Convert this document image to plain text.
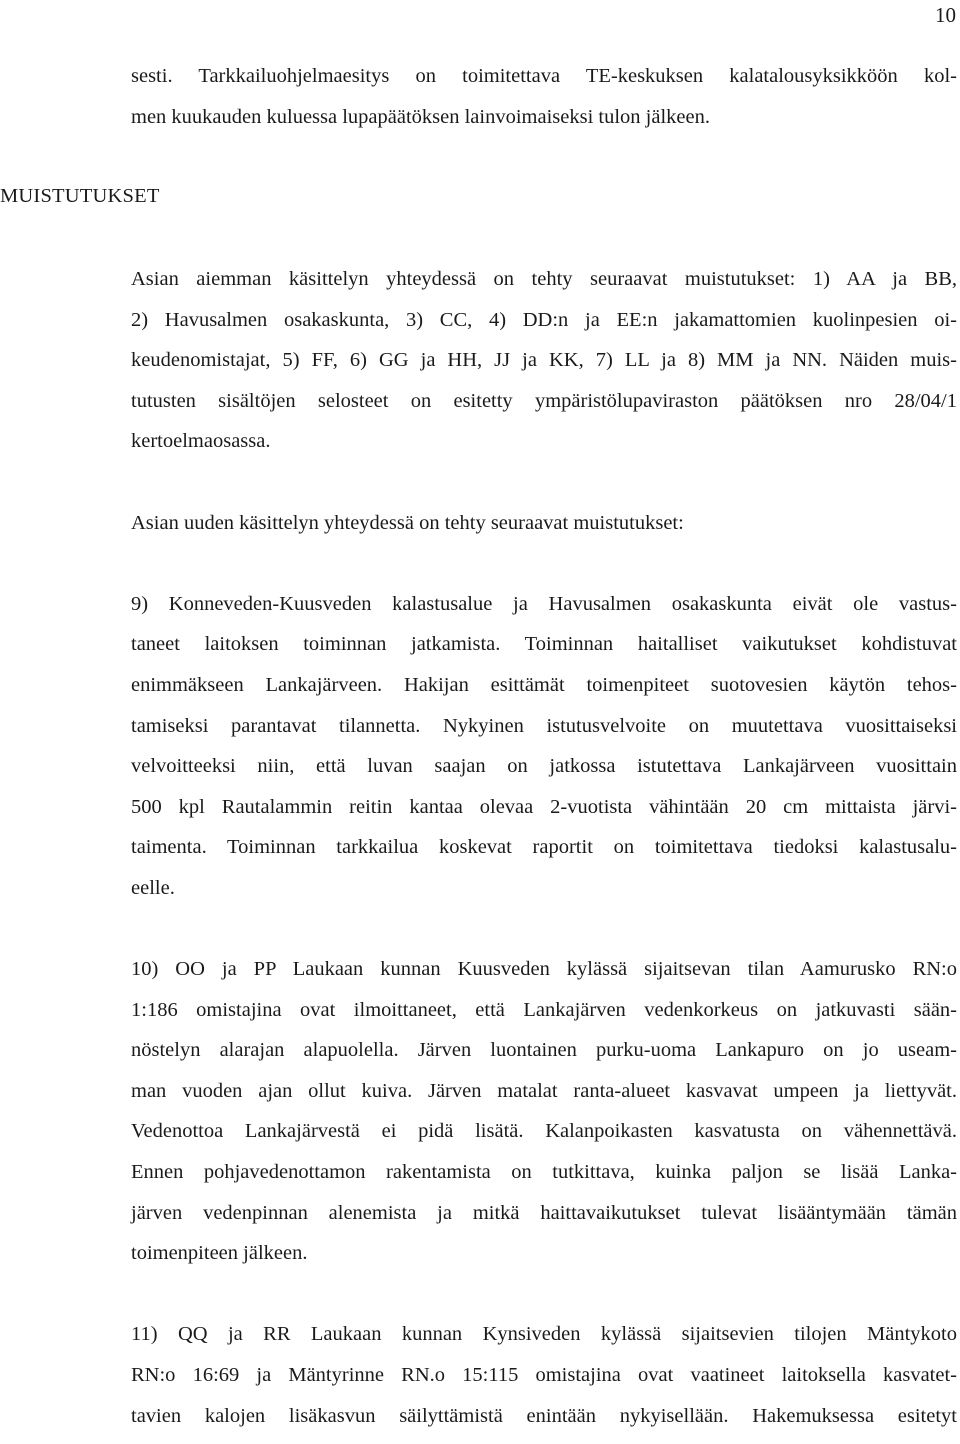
10
MUISTUTUKSET
sesti. Tarkkailuohjelmaesitys on toimitettava TE-keskuksen kalatalousyksikköön kol-
men kuukauden kuluessa lupapäätöksen lainvoimaiseksi tulon jälkeen.
Asian aiemman käsittelyn yhteydessä on tehty seuraavat muistutukset: 1) AA ja BB,
2) Havusalmen osakaskunta, 3) CC, 4) DD:n ja EE:n jakamattomien kuolinpesien oi-
keudenomistajat, 5) FF, 6) GG ja HH, JJ ja KK, 7) LL ja 8) MM ja NN. Näiden muis-
tutusten sisältöjen selosteet on esitetty ympäristölupaviraston päätöksen nro 28/04/1
kertoelmaosassa.
Asian uuden käsittelyn yhteydessä on tehty seuraavat muistutukset:
9) Konneveden-Kuusveden kalastusalue ja Havusalmen osakaskunta eivät ole vastus-
taneet laitoksen toiminnan jatkamista. Toiminnan haitalliset vaikutukset kohdistuvat
enimmäkseen Lankajärveen. Hakijan esittämät toimenpiteet suotovesien käytön tehos-
tamiseksi parantavat tilannetta. Nykyinen istutusvelvoite on muutettava vuosittaiseksi
velvoitteeksi niin, että luvan saajan on jatkossa istutettava Lankajärveen vuosittain
500 kpl Rautalammin reitin kantaa olevaa 2-vuotista vähintään 20 cm mittaista järvi-
taimenta. Toiminnan tarkkailua koskevat raportit on toimitettava tiedoksi kalastusalu-
eelle.
10) OO ja PP Laukaan kunnan Kuusveden kylässä sijaitsevan tilan Aamurusko RN:o
1:186 omistajina ovat ilmoittaneet, että Lankajärven vedenkorkeus on jatkuvasti sään-
nöstelyn alarajan alapuolella. Järven luontainen purku-uoma Lankapuro on jo useam-
man vuoden ajan ollut kuiva. Järven matalat ranta-alueet kasvavat umpeen ja liettyvät.
Vedenottoa Lankajärvestä ei pidä lisätä. Kalanpoikasten kasvatusta on vähennettävä.
Ennen pohjavedenottamon rakentamista on tutkittava, kuinka paljon se lisää Lanka-
järven vedenpinnan alenemista ja mitkä haittavaikutukset tulevat lisääntymään tämän
toimenpiteen jälkeen.
11) QQ ja RR Laukaan kunnan Kynsiveden kylässä sijaitsevien tilojen Mäntykoto
RN:o 16:69 ja Mäntyrinne RN.o 15:115 omistajina ovat vaatineet laitoksella kasvatet-
tavien kalojen lisäkasvun säilyttämistä enintään nykyisellään. Hakemuksessa esitetyt
